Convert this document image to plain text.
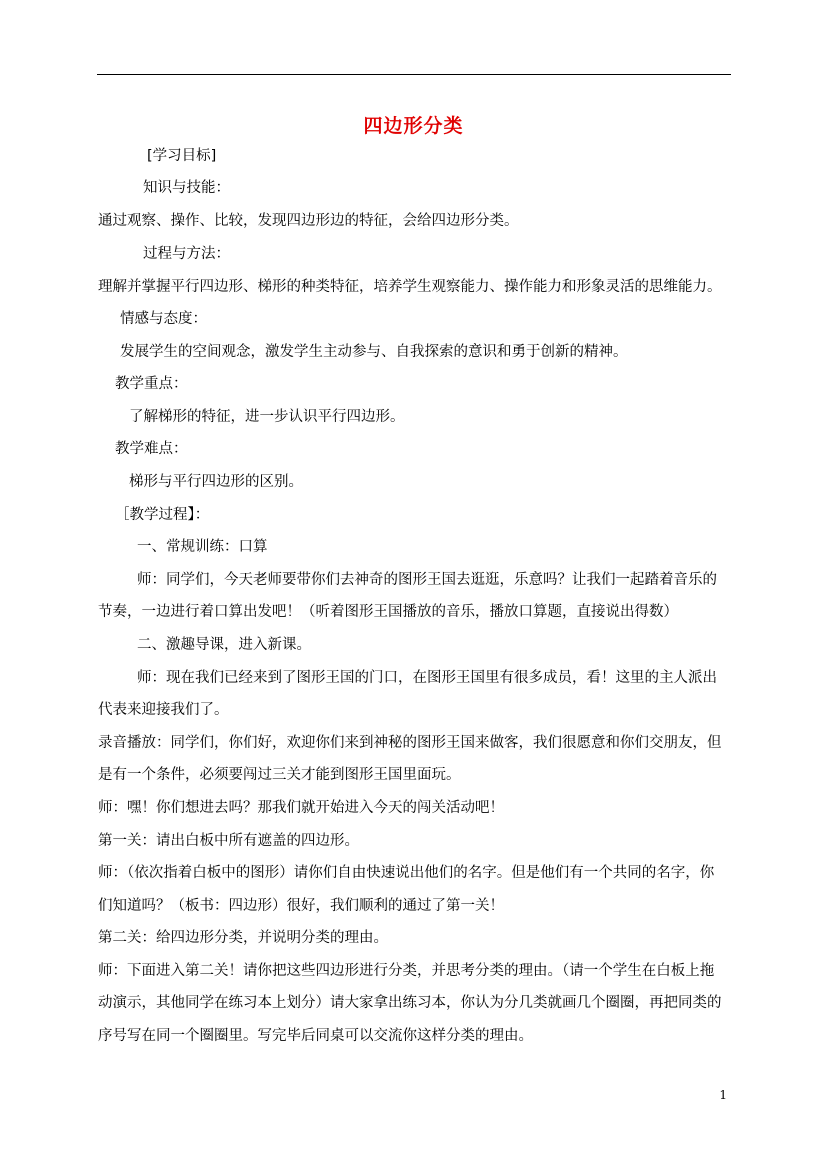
四边形分类
[学习目标]
知识与技能：
通过观察、操作、比较，发现四边形边的特征，会给四边形分类。
过程与方法：
理解并掌握平行四边形、梯形的种类特征，培养学生观察能力、操作能力和形象灵活的思维能力。
情感与态度：
发展学生的空间观念，激发学生主动参与、自我探索的意识和勇于创新的精神。
教学重点：
了解梯形的特征，进一步认识平行四边形。
教学难点：
梯形与平行四边形的区别。
［教学过程】：
一、常规训练：口算
师：同学们，今天老师要带你们去神奇的图形王国去逛逛，乐意吗？让我们一起踏着音乐的
节奏，一边进行着口算出发吧！（听着图形王国播放的音乐，播放口算题，直接说出得数）
二、激趣导课，进入新课。
师：现在我们已经来到了图形王国的门口，在图形王国里有很多成员，看！这里的主人派出
代表来迎接我们了。
录音播放：同学们，你们好，欢迎你们来到神秘的图形王国来做客，我们很愿意和你们交朋友，但
是有一个条件，必须要闯过三关才能到图形王国里面玩。
师：嘿！你们想进去吗？那我们就开始进入今天的闯关活动吧！
第一关：请出白板中所有遮盖的四边形。
师：（依次指着白板中的图形）请你们自由快速说出他们的名字。但是他们有一个共同的名字，你
们知道吗？（板书：四边形）很好，我们顺利的通过了第一关！
第二关：给四边形分类，并说明分类的理由。
师：下面进入第二关！请你把这些四边形进行分类，并思考分类的理由。（请一个学生在白板上拖
动演示，其他同学在练习本上划分）请大家拿出练习本，你认为分几类就画几个圈圈，再把同类的
序号写在同一个圈圈里。写完毕后同桌可以交流你这样分类的理由。
1
